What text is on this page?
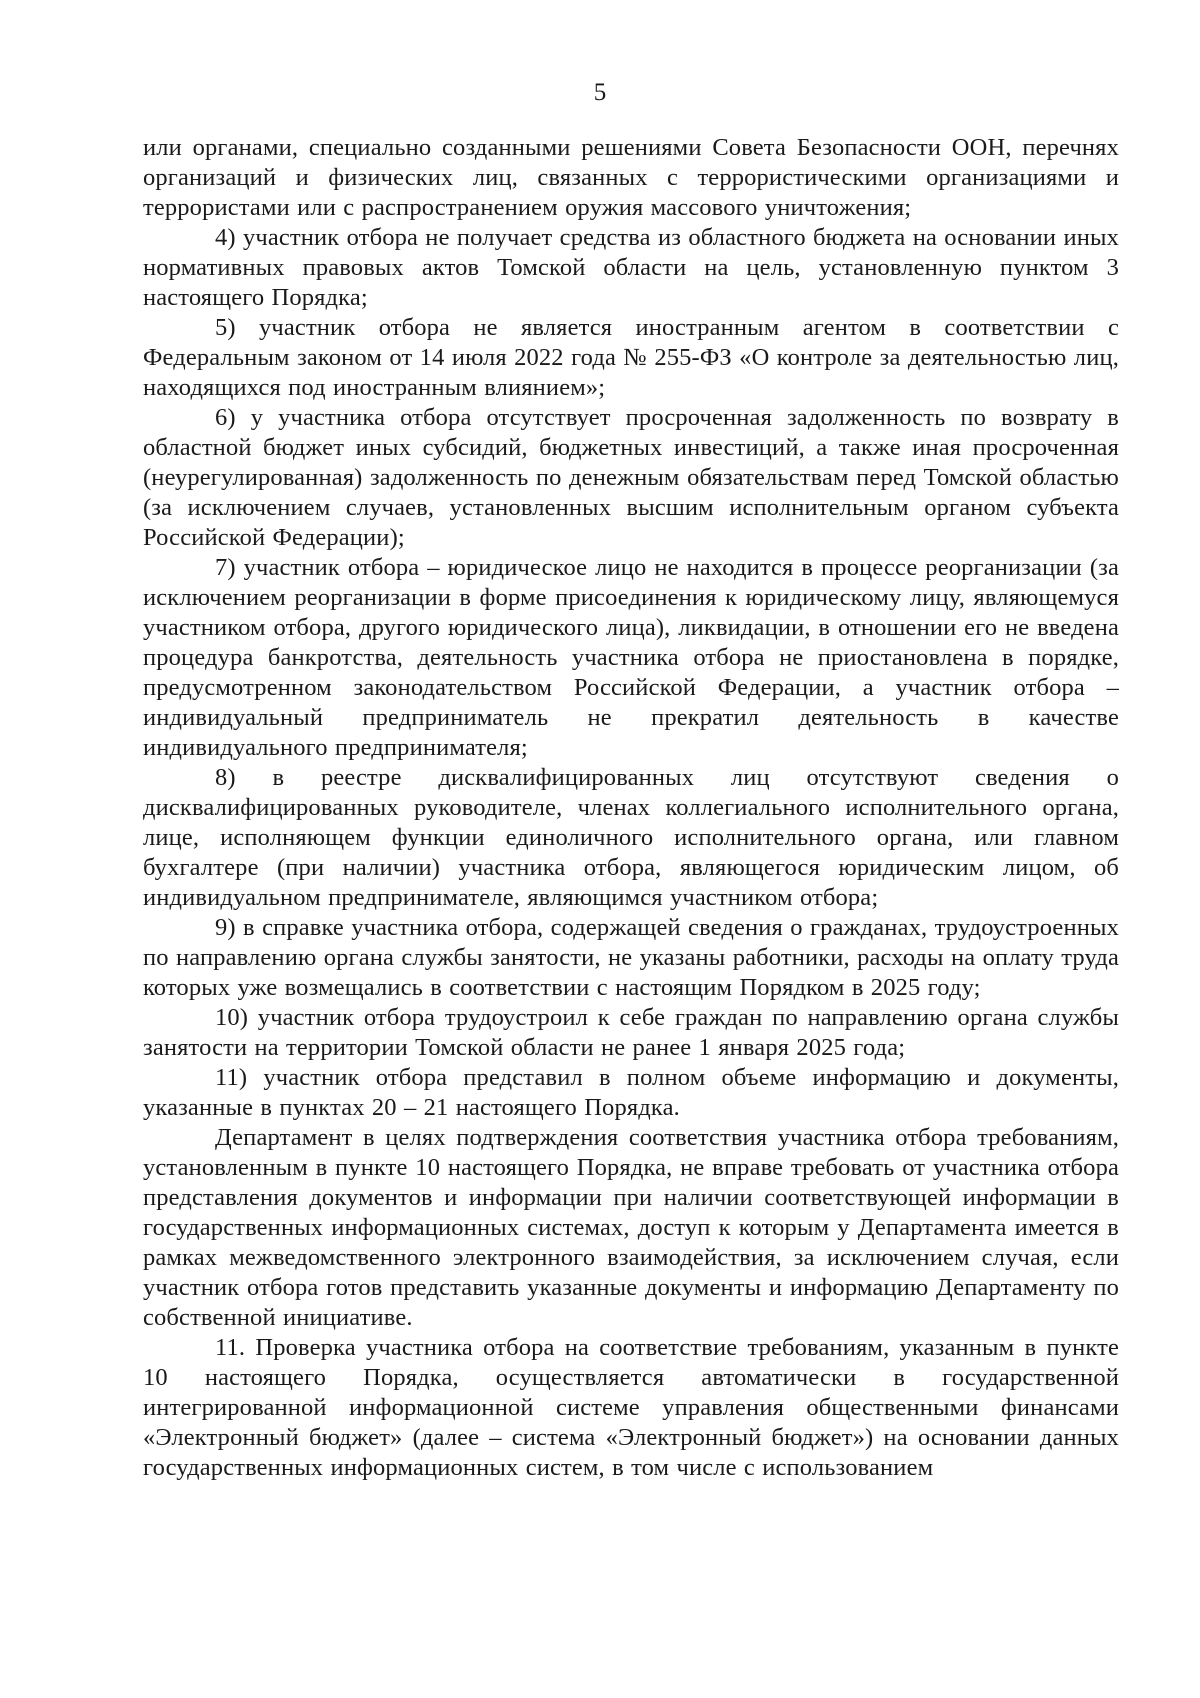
5

или органами, специально созданными решениями Совета Безопасности ООН, перечнях организаций и физических лиц, связанных с террористическими организациями и террористами или с распространением оружия массового уничтожения;

4) участник отбора не получает средства из областного бюджета на основании иных нормативных правовых актов Томской области на цель, установленную пунктом 3 настоящего Порядка;

5) участник отбора не является иностранным агентом в соответствии с Федеральным законом от 14 июля 2022 года № 255-ФЗ «О контроле за деятельностью лиц, находящихся под иностранным влиянием»;

6) у участника отбора отсутствует просроченная задолженность по возврату в областной бюджет иных субсидий, бюджетных инвестиций, а также иная просроченная (неурегулированная) задолженность по денежным обязательствам перед Томской областью (за исключением случаев, установленных высшим исполнительным органом субъекта Российской Федерации);

7) участник отбора – юридическое лицо не находится в процессе реорганизации (за исключением реорганизации в форме присоединения к юридическому лицу, являющемуся участником отбора, другого юридического лица), ликвидации, в отношении его не введена процедура банкротства, деятельность участника отбора не приостановлена в порядке, предусмотренном законодательством Российской Федерации, а участник отбора – индивидуальный предприниматель не прекратил деятельность в качестве индивидуального предпринимателя;

8) в реестре дисквалифицированных лиц отсутствуют сведения о дисквалифицированных руководителе, членах коллегиального исполнительного органа, лице, исполняющем функции единоличного исполнительного органа, или главном бухгалтере (при наличии) участника отбора, являющегося юридическим лицом, об индивидуальном предпринимателе, являющимся участником отбора;

9) в справке участника отбора, содержащей сведения о гражданах, трудоустроенных по направлению органа службы занятости, не указаны работники, расходы на оплату труда которых уже возмещались в соответствии с настоящим Порядком в 2025 году;

10) участник отбора трудоустроил к себе граждан по направлению органа службы занятости на территории Томской области не ранее 1 января 2025 года;

11) участник отбора представил в полном объеме информацию и документы, указанные в пунктах 20 – 21 настоящего Порядка.

Департамент в целях подтверждения соответствия участника отбора требованиям, установленным в пункте 10 настоящего Порядка, не вправе требовать от участника отбора представления документов и информации при наличии соответствующей информации в государственных информационных системах, доступ к которым у Департамента имеется в рамках межведомственного электронного взаимодействия, за исключением случая, если участник отбора готов представить указанные документы и информацию Департаменту по собственной инициативе.

11. Проверка участника отбора на соответствие требованиям, указанным в пункте 10 настоящего Порядка, осуществляется автоматически в государственной интегрированной информационной системе управления общественными финансами «Электронный бюджет» (далее – система «Электронный бюджет») на основании данных государственных информационных систем, в том числе с использованием
